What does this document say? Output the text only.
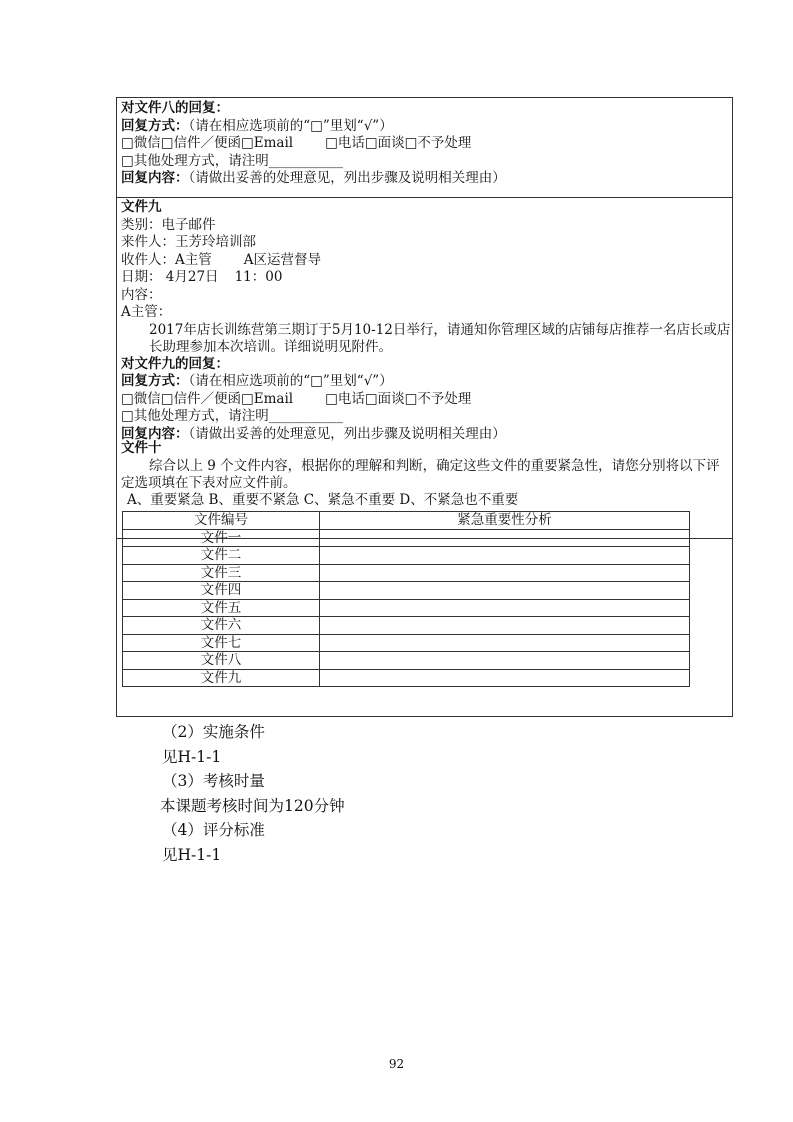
对文件八的回复：
回复方式：（请在相应选项前的“□”里划“√”）
□微信□信件／便函□Email □电话□面谈□不予处理
□其他处理方式，请注明___________
回复内容：（请做出妥善的处理意见，列出步骤及说明相关理由）
文件九
类别：电子邮件
来件人：王芳玲培训部
收件人：A主管 A区运营督导
日期： 4月27日 11：00
内容：
A主管：
2017年店长训练营第三期订于5月10-12日举行，请通知你管理区域的店铺每店推荐一名店长或店长助理参加本次培训。详细说明见附件。
对文件九的回复：
回复方式：（请在相应选项前的“□”里划“√”）
□微信□信件／便函□Email □电话□面谈□不予处理
□其他处理方式，请注明___________
回复内容：（请做出妥善的处理意见，列出步骤及说明相关理由）
文件十
综合以上 9 个文件内容，根据你的理解和判断，确定这些文件的重要紧急性，请您分别将以下评定选项填在下表对应文件前。
A、重要紧急 B、重要不紧急 C、紧急不重要 D、不紧急也不重要
文件编号	紧急重要性分析
文件一	
文件二	
文件三	
文件四	
文件五	
文件六	
文件七	
文件八	
文件九	
（2）实施条件
见H-1-1
（3）考核时量
本课题考核时间为120分钟
（4）评分标准
见H-1-1
92
